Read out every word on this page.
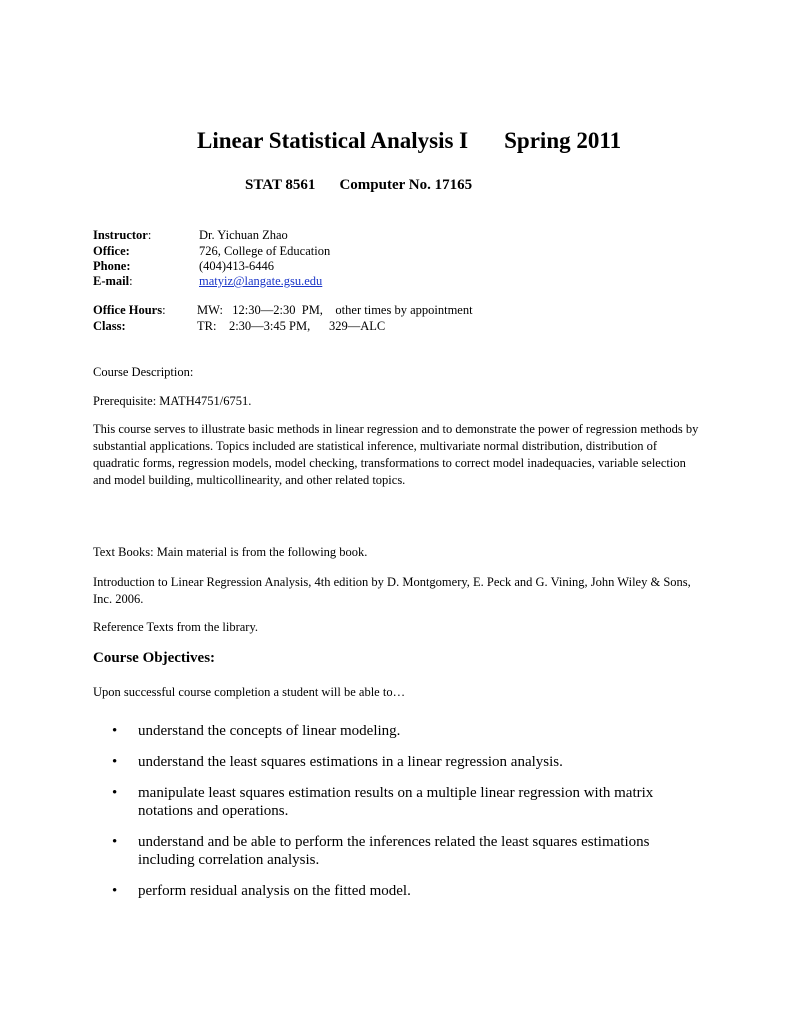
Linear Statistical Analysis I Spring 2011
STAT 8561 Computer No. 17165
Instructor:	Dr. Yichuan Zhao
Office:	726, College of Education
Phone:	(404)413-6446
E-mail:	matyiz@langate.gsu.edu
Office Hours:	MW:   12:30—2:30  PM,    other times by appointment
Class:	TR:    2:30—3:45 PM,      329—ALC
Course Description:
Prerequisite: MATH4751/6751.
This course serves to illustrate basic methods in linear regression and to demonstrate the power of regression methods by substantial applications. Topics included are statistical inference, multivariate normal distribution, distribution of quadratic forms, regression models, model checking, transformations to correct model inadequacies, variable selection and model building, multicollinearity, and other related topics.
Text Books: Main material is from the following book.
Introduction to Linear Regression Analysis, 4th edition by D. Montgomery, E. Peck and G. Vining, John Wiley & Sons, Inc. 2006.
Reference Texts from the library.
Course Objectives:
Upon successful course completion a student will be able to…
• understand the concepts of linear modeling.
• understand the least squares estimations in a linear regression analysis.
• manipulate least squares estimation results on a multiple linear regression with matrix notations and operations.
• understand and be able to perform the inferences related the least squares estimations including correlation analysis.
• perform residual analysis on the fitted model.
